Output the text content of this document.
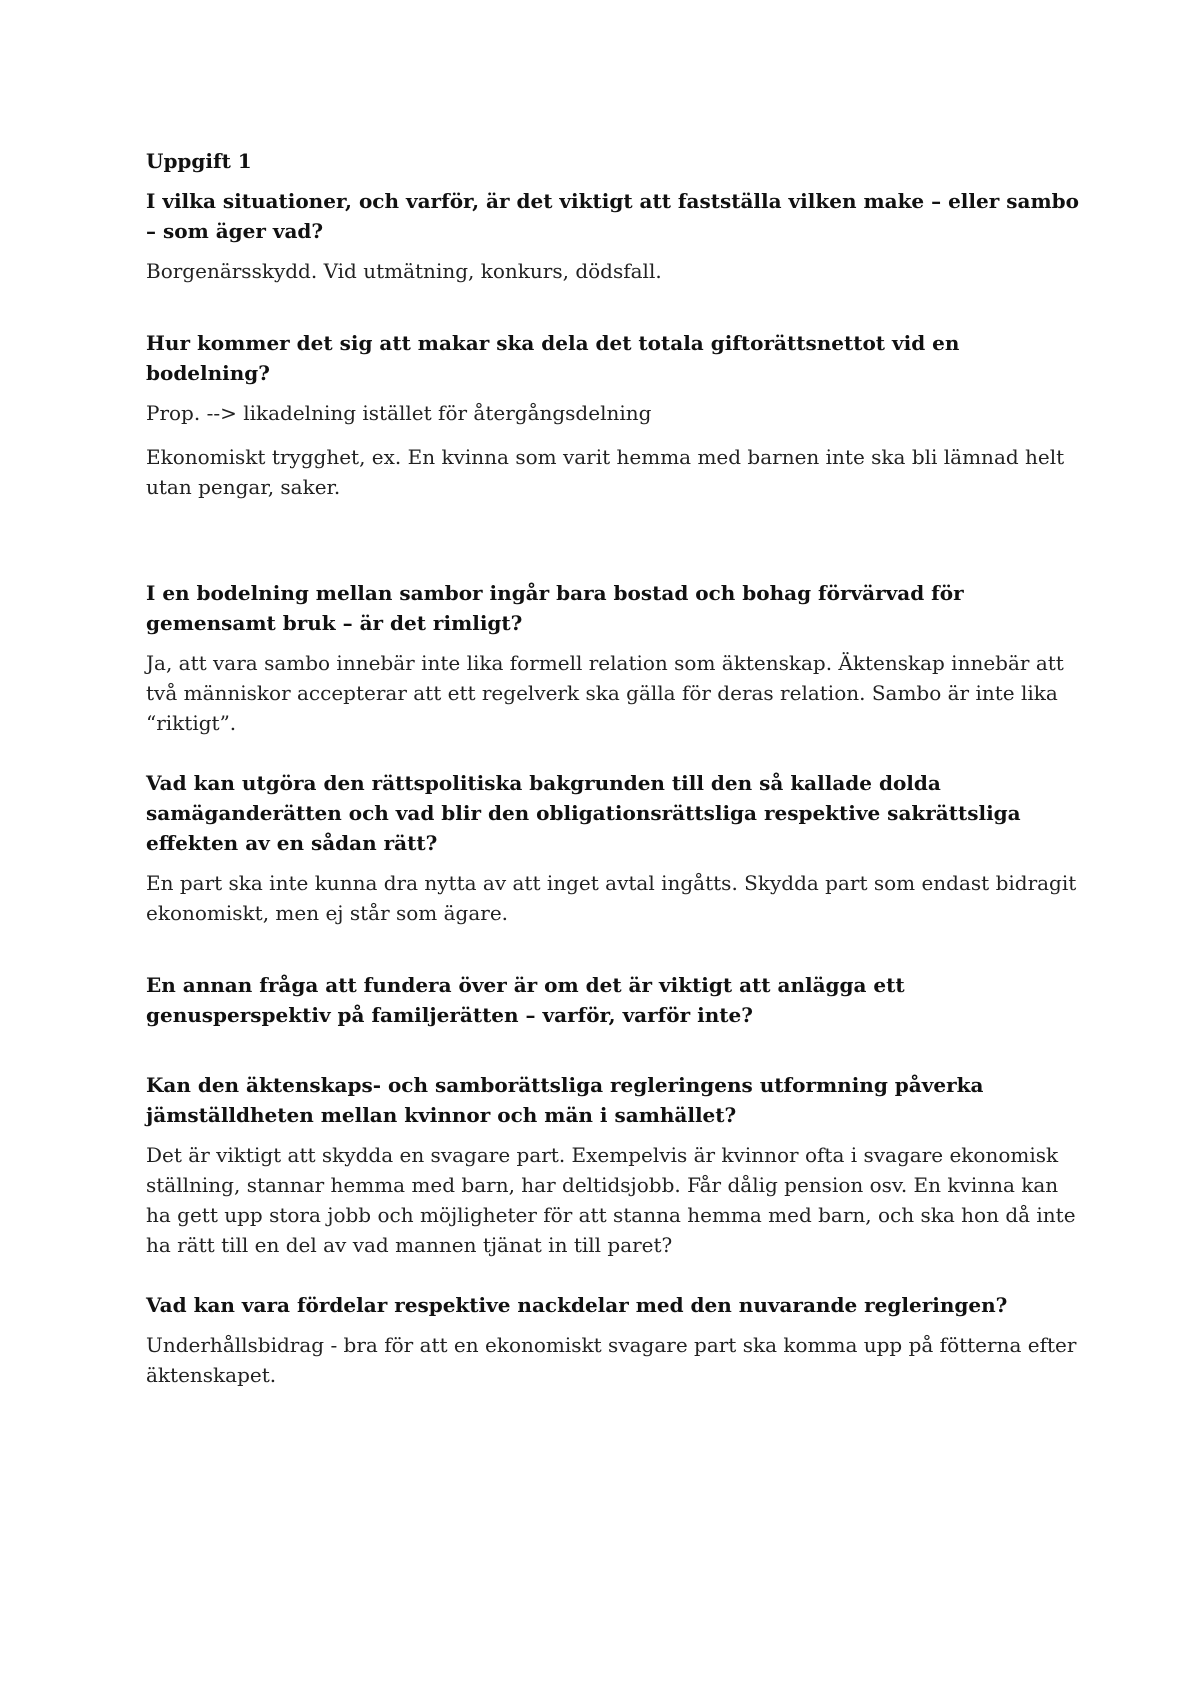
Uppgift 1
I vilka situationer, och varför, är det viktigt att fastställa vilken make – eller sambo – som äger vad?
Borgenärsskydd. Vid utmätning, konkurs, dödsfall.
Hur kommer det sig att makar ska dela det totala giftorättsnettot vid en bodelning?
Prop. --> likadelning istället för återgångsdelning
Ekonomiskt trygghet, ex. En kvinna som varit hemma med barnen inte ska bli lämnad helt utan pengar, saker.
I en bodelning mellan sambor ingår bara bostad och bohag förvärvad för gemensamt bruk – är det rimligt?
Ja, att vara sambo innebär inte lika formell relation som äktenskap. Äktenskap innebär att två människor accepterar att ett regelverk ska gälla för deras relation. Sambo är inte lika “riktigt”.
Vad kan utgöra den rättspolitiska bakgrunden till den så kallade dolda samäganderätten och vad blir den obligationsrättsliga respektive sakrättsliga effekten av en sådan rätt?
En part ska inte kunna dra nytta av att inget avtal ingåtts. Skydda part som endast bidragit ekonomiskt, men ej står som ägare.
En annan fråga att fundera över är om det är viktigt att anlägga ett genusperspektiv på familjerätten – varför, varför inte?
Kan den äktenskaps- och samborättsliga regleringens utformning påverka jämställdheten mellan kvinnor och män i samhället?
Det är viktigt att skydda en svagare part. Exempelvis är kvinnor ofta i svagare ekonomisk ställning, stannar hemma med barn, har deltidsjobb. Får dålig pension osv. En kvinna kan ha gett upp stora jobb och möjligheter för att stanna hemma med barn, och ska hon då inte ha rätt till en del av vad mannen tjänat in till paret?
Vad kan vara fördelar respektive nackdelar med den nuvarande regleringen?
Underhållsbidrag - bra för att en ekonomiskt svagare part ska komma upp på fötterna efter äktenskapet.
